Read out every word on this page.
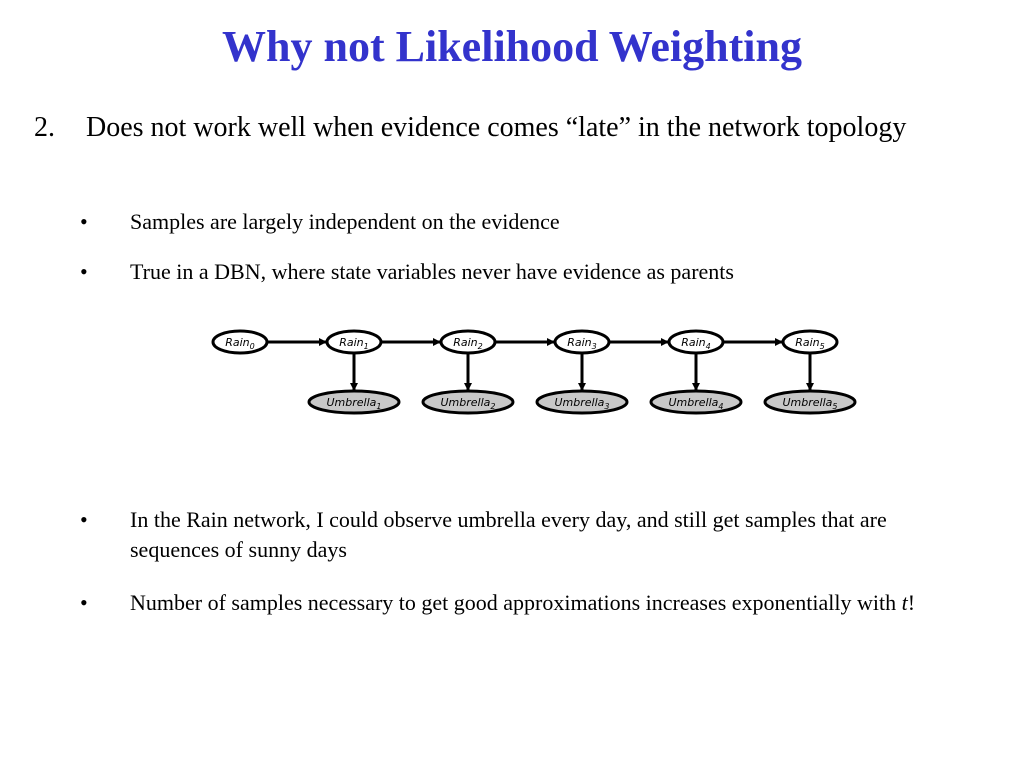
Why not Likelihood Weighting
2. Does not work well when evidence comes “late” in the network topology
• Samples are largely independent on the evidence
• True in a DBN, where state variables never have evidence as parents
Rain$_0$	Rain$_1$	Rain$_2$	Rain$_3$	Rain$_4$	Rain$_5$
Umbrella$_1$	Umbrella$_2$	Umbrella$_3$	Umbrella$_4$	Umbrella$_5$
• In the Rain network, I could observe umbrella every day, and still get samples that are sequences of sunny days
• Number of samples necessary to get good approximations increases exponentially with t!
